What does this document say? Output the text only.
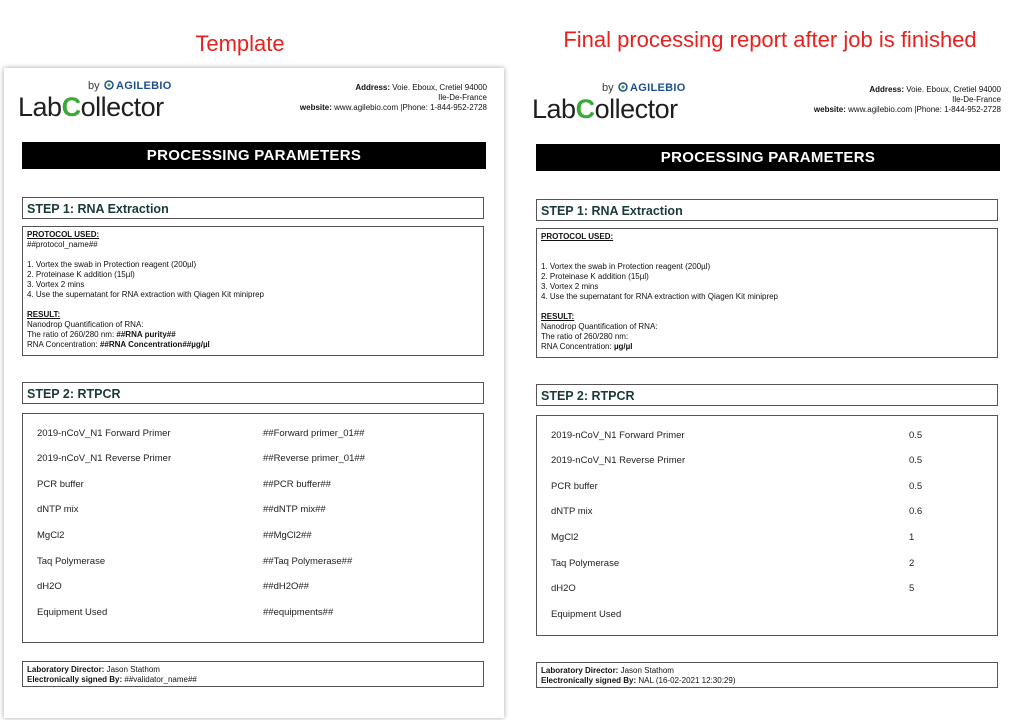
Template	Final processing report after job is finished
by AGILEBIO
LabCollector
Address: Voie. Eboux, Cretiel 94000
Ile-De-France
website: www.agilebio.com |Phone: 1-844-952-2728
PROCESSING PARAMETERS
STEP 1: RNA Extraction

PROTOCOL USED:

##protocol_name##

1. Vortex the swab in Protection reagent (200µl)

2. Proteinase K addition (15µl)

3. Vortex 2 mins

4. Use the supernatant for RNA extraction with Qiagen Kit miniprep

RESULT:

Nanodrop Quantification of RNA:

The ratio of 260/280 nm: ##RNA purity##

RNA Concentration: ##RNA Concentration##µg/µl

STEP 2: RTPCR
2019-nCoV_N1 Forward Primer	##Forward primer_01##
2019-nCoV_N1 Reverse Primer	##Reverse primer_01##
PCR buffer	##PCR buffer##
dNTP mix	##dNTP mix##
MgCl2	##MgCl2##
Taq Polymerase	##Taq Polymerase##
dH2O	##dH2O##
Equipment Used	##equipments##
Laboratory Director: Jason Stathom
Electronically signed By: ##validator_name##
by AGILEBIO
LabCollector
Address: Voie. Eboux, Cretiel 94000
Ile-De-France
website: www.agilebio.com |Phone: 1-844-952-2728
PROCESSING PARAMETERS
STEP 1: RNA Extraction

PROTOCOL USED:

1. Vortex the swab in Protection reagent (200µl)

2. Proteinase K addition (15µl)

3. Vortex 2 mins

4. Use the supernatant for RNA extraction with Qiagen Kit miniprep

RESULT:

Nanodrop Quantification of RNA:

The ratio of 260/280 nm:

RNA Concentration: µg/µl

STEP 2: RTPCR
2019-nCoV_N1 Forward Primer	0.5
2019-nCoV_N1 Reverse Primer	0.5
PCR buffer	0.5
dNTP mix	0.6
MgCl2	1
Taq Polymerase	2
dH2O	5
Equipment Used
Laboratory Director: Jason Stathom
Electronically signed By: NAL (16-02-2021 12:30:29)
